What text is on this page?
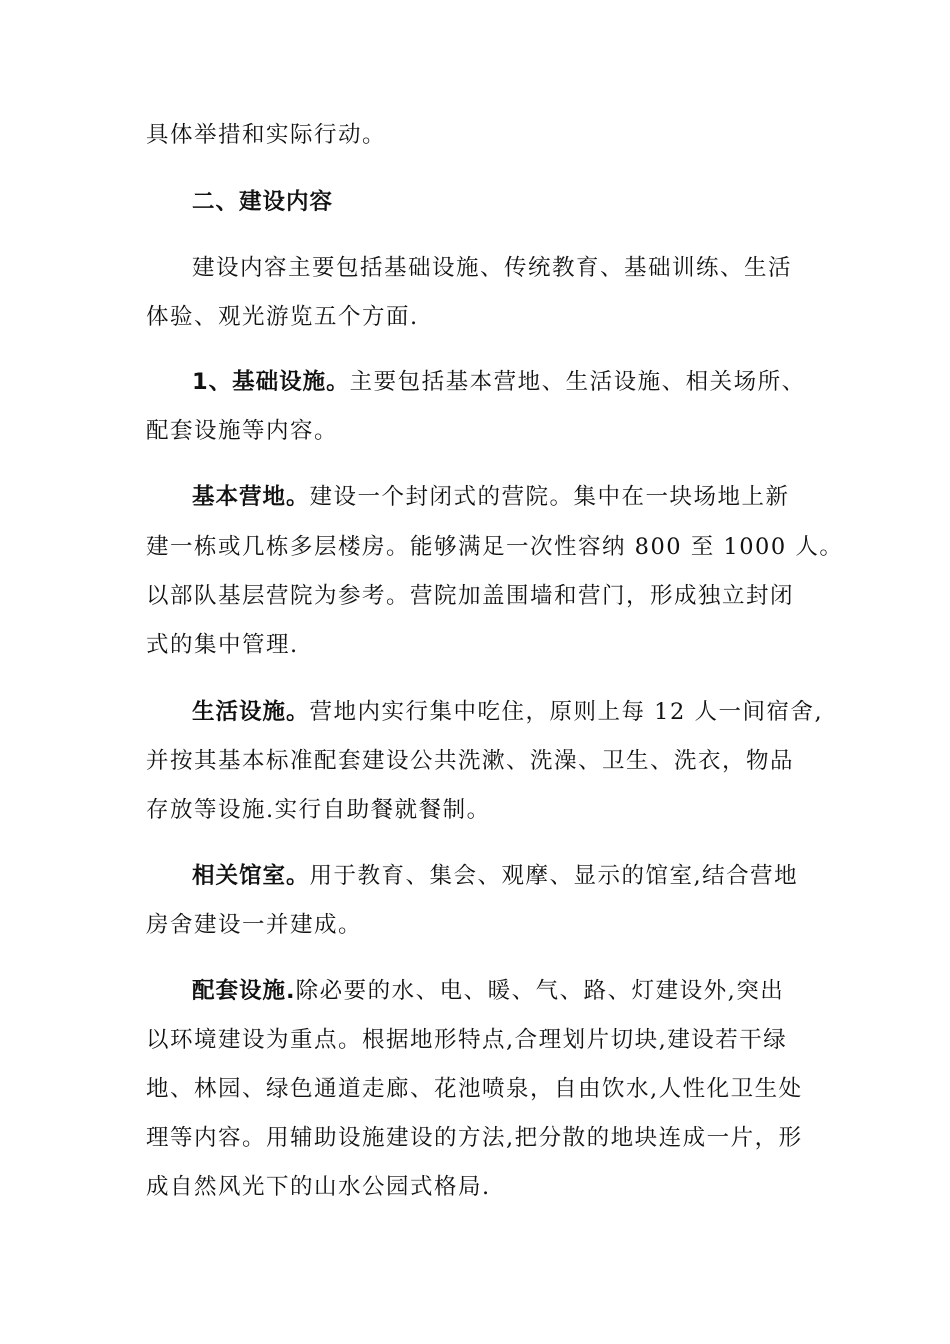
具体举措和实际行动。
二、建设内容
建设内容主要包括基础设施、传统教育、基础训练、生活
体验、观光游览五个方面.
1、基础设施。主要包括基本营地、生活设施、相关场所、
配套设施等内容。
基本营地。建设一个封闭式的营院。集中在一块场地上新
建一栋或几栋多层楼房。能够满足一次性容纳 800 至 1000 人。
以部队基层营院为参考。营院加盖围墙和营门，形成独立封闭
式的集中管理.
生活设施。营地内实行集中吃住，原则上每 12 人一间宿舍,
并按其基本标准配套建设公共洗漱、洗澡、卫生、洗衣，物品
存放等设施.实行自助餐就餐制。
相关馆室。用于教育、集会、观摩、显示的馆室,结合营地
房舍建设一并建成。
配套设施.除必要的水、电、暖、气、路、灯建设外,突出
以环境建设为重点。根据地形特点,合理划片切块,建设若干绿
地、林园、绿色通道走廊、花池喷泉，自由饮水,人性化卫生处
理等内容。用辅助设施建设的方法,把分散的地块连成一片，形
成自然风光下的山水公园式格局.
